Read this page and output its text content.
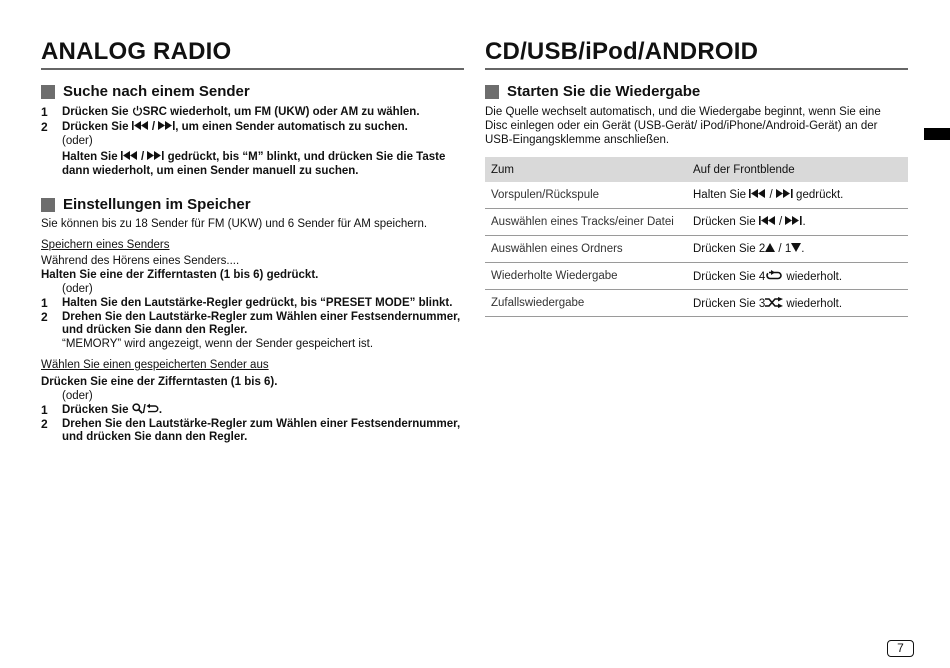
ANALOG RADIO
Suche nach einem Sender
1 Drücken Sie SRC wiederholt, um FM (UKW) oder AM zu wählen.
2 Drücken Sie  / , um einen Sender automatisch zu suchen.
(oder)
Halten Sie  /  gedrückt, bis “M” blinkt, und drücken Sie die Taste
dann wiederholt, um einen Sender manuell zu suchen.
Einstellungen im Speicher
Sie können bis zu 18 Sender für FM (UKW) und 6 Sender für AM speichern.
Speichern eines Senders
Während des Hörens eines Senders....
Halten Sie eine der Zifferntasten (1 bis 6) gedrückt.
(oder)
1 Halten Sie den Lautstärke-Regler gedrückt, bis “PRESET MODE” blinkt.
2 Drehen Sie den Lautstärke-Regler zum Wählen einer Festsendernummer,
und drücken Sie dann den Regler.
“MEMORY” wird angezeigt, wenn der Sender gespeichert ist.
Wählen Sie einen gespeicherten Sender aus
Drücken Sie eine der Zifferntasten (1 bis 6).
(oder)
1 Drücken Sie / .
2 Drehen Sie den Lautstärke-Regler zum Wählen einer Festsendernummer,
und drücken Sie dann den Regler.
CD/USB/iPod/ANDROID
Starten Sie die Wiedergabe
Die Quelle wechselt automatisch, und die Wiedergabe beginnt, wenn Sie eine
Disc einlegen oder ein Gerät (USB-Gerät/ iPod/iPhone/Android-Gerät) an der
USB-Eingangsklemme anschließen.
Zum	Auf der Frontblende
Vorspulen/Rückspule	Halten Sie  /  gedrückt.
Auswählen eines Tracks/einer Datei	Drücken Sie  / .
Auswählen eines Ordners	Drücken Sie 2 / 1 .
Wiederholte Wiedergabe	Drücken Sie 4 wiederholt.
Zufallswiedergabe	Drücken Sie 3 wiederholt.
7
